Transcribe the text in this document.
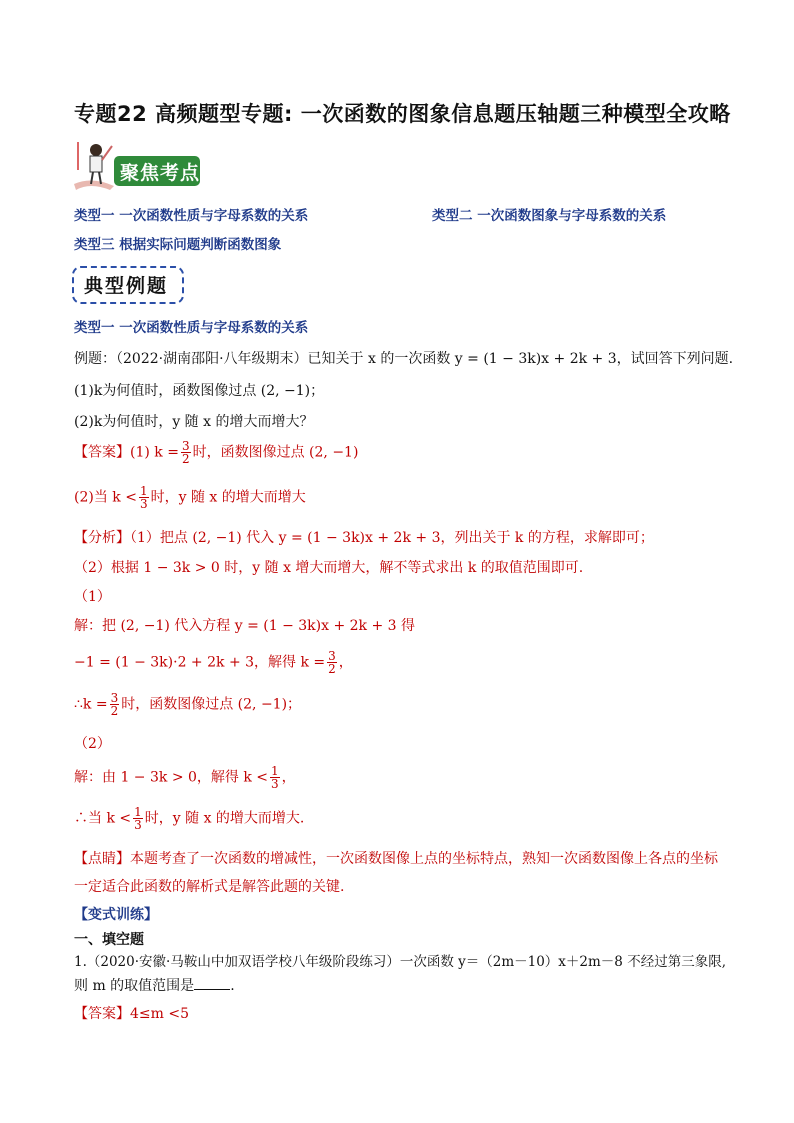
专题22 高频题型专题: 一次函数的图象信息题压轴题三种模型全攻略
聚焦考点
类型一 一次函数性质与字母系数的关系	类型二 一次函数图象与字母系数的关系
类型三 根据实际问题判断函数图象
典型例题
类型一 一次函数性质与字母系数的关系
例题：（2022·湖南邵阳·八年级期末）已知关于 x 的一次函数 y = (1 − 3k)x + 2k + 3，试回答下列问题.
(1)k为何值时，函数图像过点 (2, −1)；
(2)k为何值时，y 随 x 的增大而增大？
【答案】(1) $k = \frac{3}{2}$ 时，函数图像过点 (2, −1)
(2)当 $k < \frac{1}{3}$ 时，y 随 x 的增大而增大
【分析】（1）把点 (2, −1) 代入 y = (1 − 3k)x + 2k + 3，列出关于 k 的方程，求解即可；
（2）根据 1 − 3k > 0 时，y 随 x 增大而增大，解不等式求出 k 的取值范围即可.
（1）
解：把 (2, −1) 代入方程 y = (1 − 3k)x + 2k + 3 得
−1 = (1 − 3k)·2 + 2k + 3，解得 $k = \frac{3}{2}$ ，
∴k = $\frac{3}{2}$ 时，函数图像过点 (2, −1)；
（2）
解：由 1 − 3k > 0，解得 $k < \frac{1}{3}$ ，
∴当 $k < \frac{1}{3}$ 时，y 随 x 的增大而增大.
【点睛】本题考查了一次函数的增减性，一次函数图像上点的坐标特点，熟知一次函数图像上各点的坐标
一定适合此函数的解析式是解答此题的关键.
【变式训练】
一、填空题
1.（2020·安徽·马鞍山中加双语学校八年级阶段练习）一次函数 y＝（2m－10）x＋2m－8 不经过第三象限,
则 m 的取值范围是	.
【答案】4≤m <5
